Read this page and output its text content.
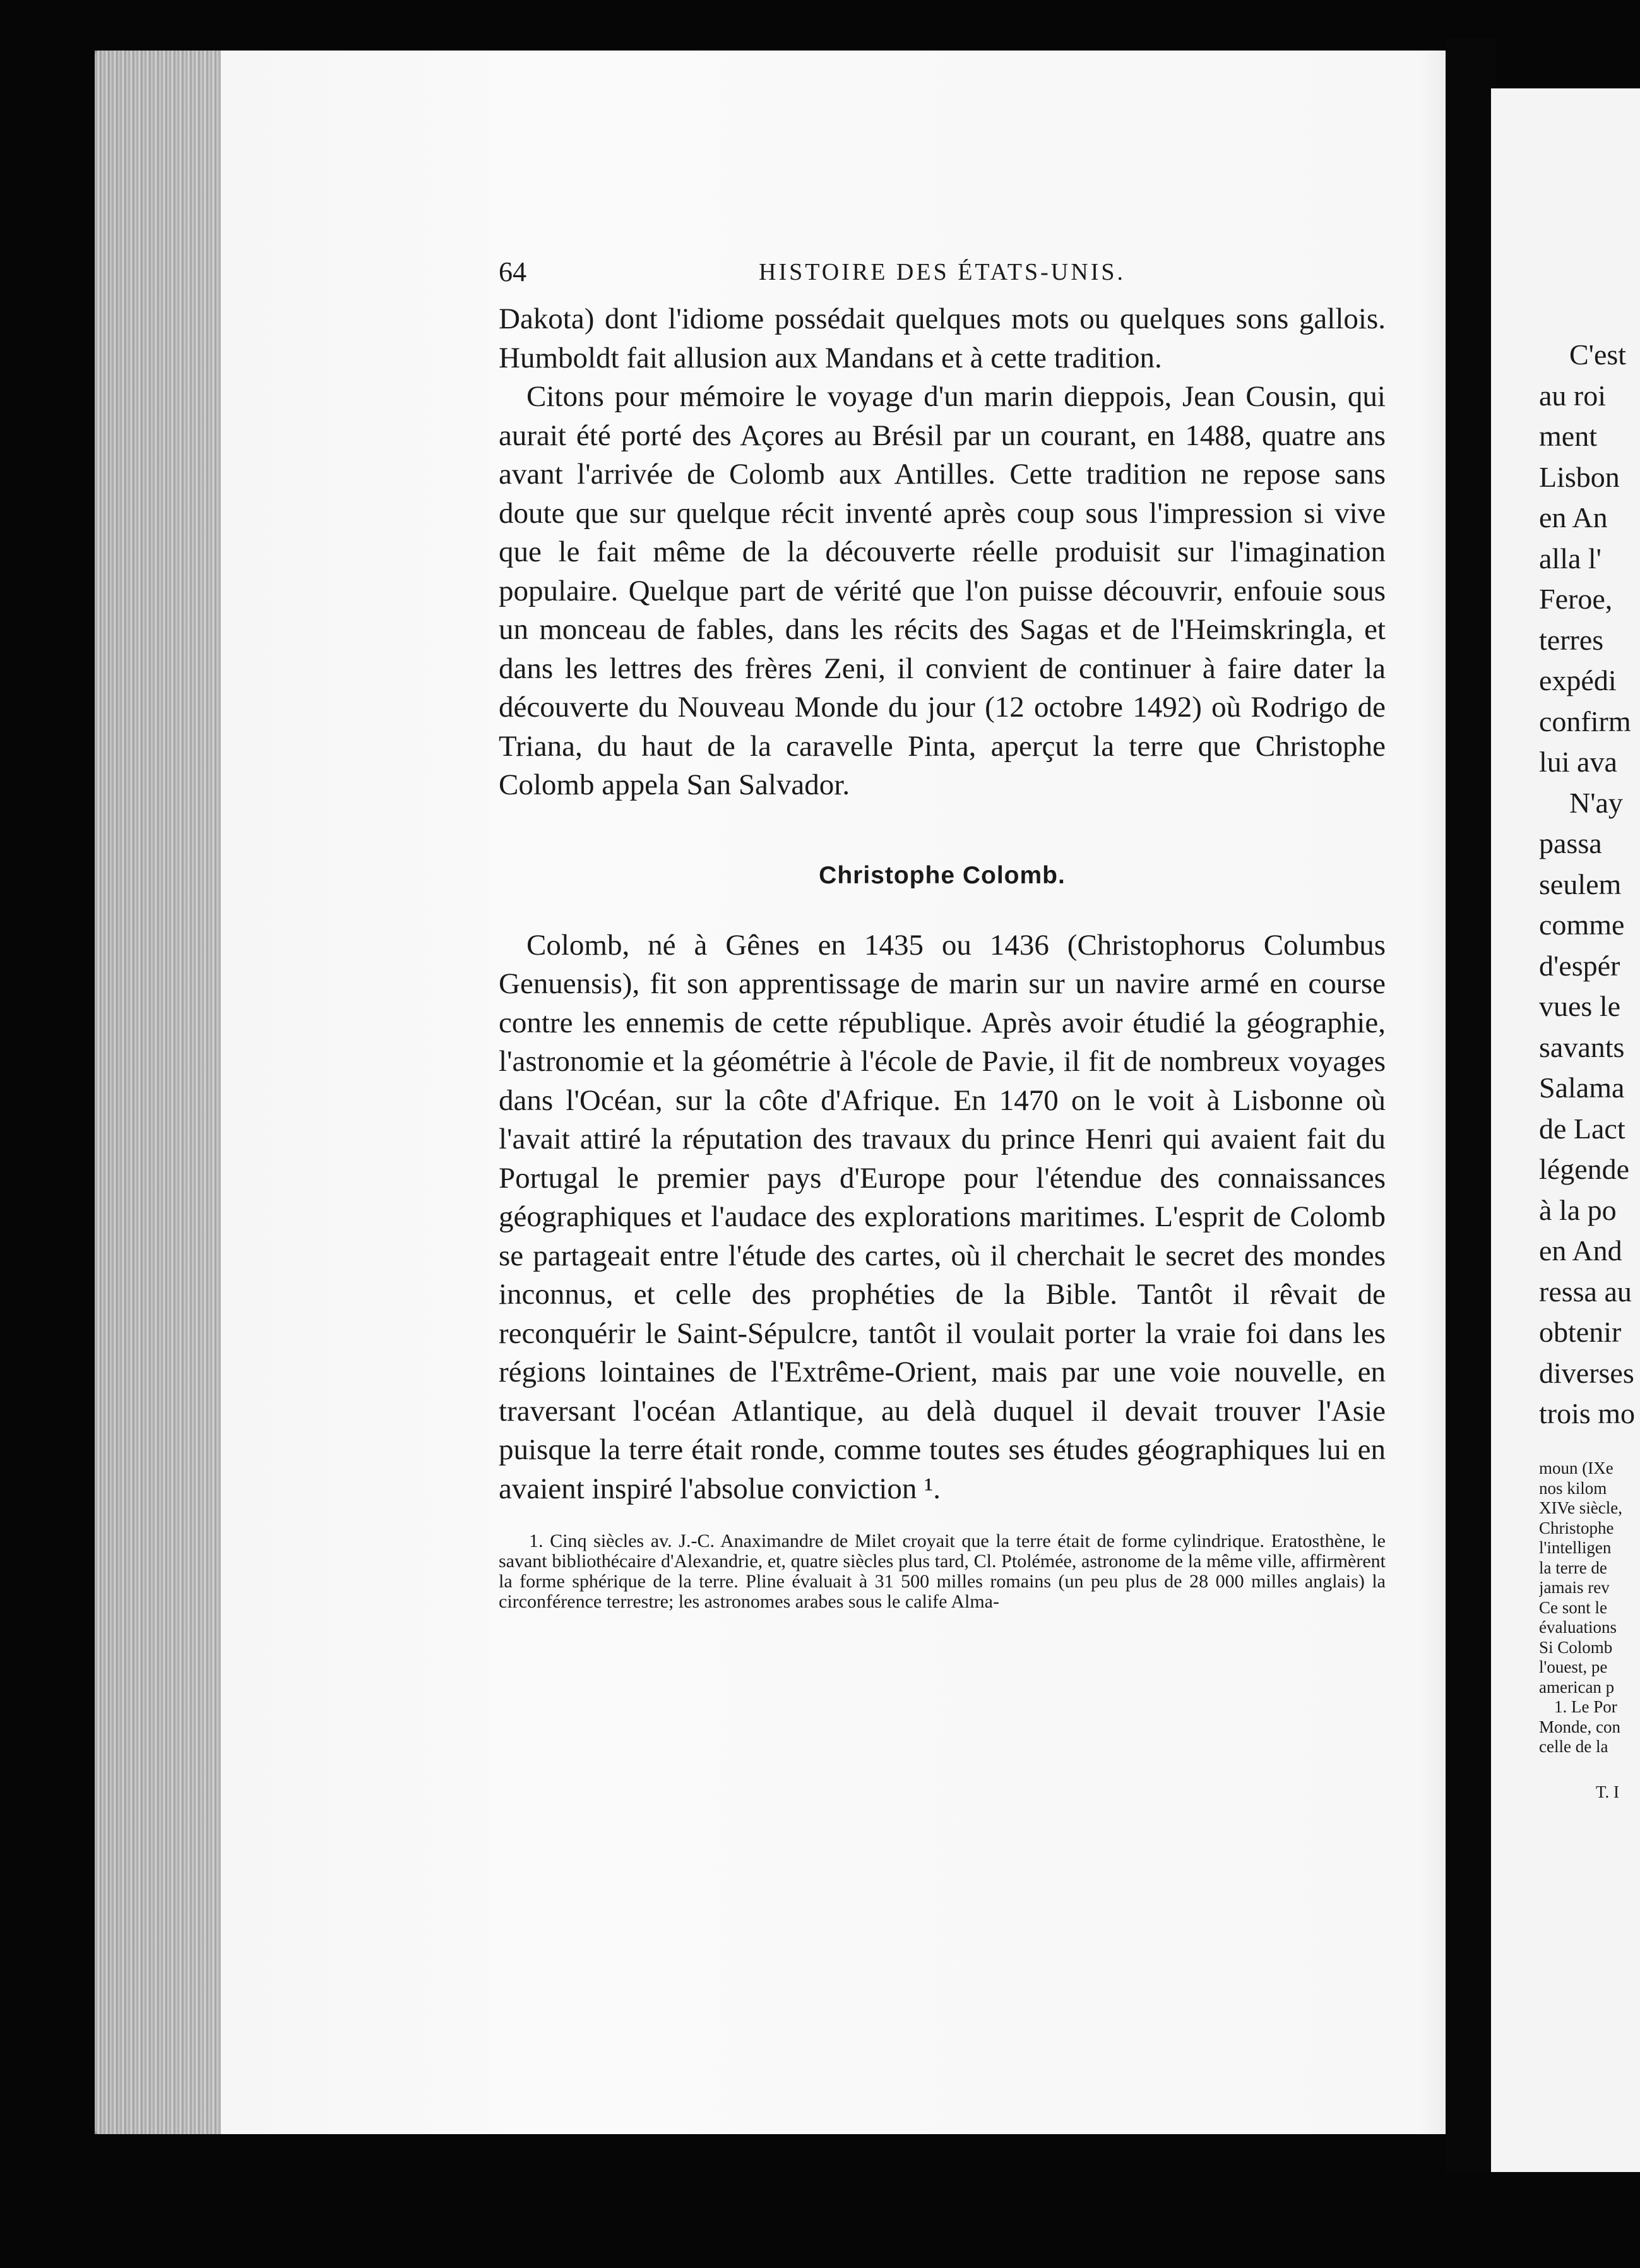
64	HISTOIRE DES ÉTATS-UNIS.

Dakota) dont l'idiome possédait quelques mots ou quelques sons gallois. Humboldt fait allusion aux Mandans et à cette tradition.

Citons pour mémoire le voyage d'un marin dieppois, Jean Cousin, qui aurait été porté des Açores au Brésil par un courant, en 1488, quatre ans avant l'arrivée de Colomb aux Antilles. Cette tradition ne repose sans doute que sur quelque récit inventé après coup sous l'impression si vive que le fait même de la découverte réelle produisit sur l'imagination populaire. Quelque part de vérité que l'on puisse découvrir, enfouie sous un monceau de fables, dans les récits des Sagas et de l'Heimskringla, et dans les lettres des frères Zeni, il convient de continuer à faire dater la découverte du Nouveau Monde du jour (12 octobre 1492) où Rodrigo de Triana, du haut de la caravelle Pinta, aperçut la terre que Christophe Colomb appela San Salvador.

Christophe Colomb.

Colomb, né à Gênes en 1435 ou 1436 (Christophorus Columbus Genuensis), fit son apprentissage de marin sur un navire armé en course contre les ennemis de cette république. Après avoir étudié la géographie, l'astronomie et la géométrie à l'école de Pavie, il fit de nombreux voyages dans l'Océan, sur la côte d'Afrique. En 1470 on le voit à Lisbonne où l'avait attiré la réputation des travaux du prince Henri qui avaient fait du Portugal le premier pays d'Europe pour l'étendue des connaissances géographiques et l'audace des explorations maritimes. L'esprit de Colomb se partageait entre l'étude des cartes, où il cherchait le secret des mondes inconnus, et celle des prophéties de la Bible. Tantôt il rêvait de reconquérir le Saint-Sépulcre, tantôt il voulait porter la vraie foi dans les régions lointaines de l'Extrême-Orient, mais par une voie nouvelle, en traversant l'océan Atlantique, au delà duquel il devait trouver l'Asie puisque la terre était ronde, comme toutes ses études géographiques lui en avaient inspiré l'absolue conviction ¹.

1. Cinq siècles av. J.-C. Anaximandre de Milet croyait que la terre était de forme cylindrique. Eratosthène, le savant bibliothécaire d'Alexandrie, et, quatre siècles plus tard, Cl. Ptolémée, astronome de la même ville, affirmèrent la forme sphérique de la terre. Pline évaluait à 31 500 milles romains (un peu plus de 28 000 milles anglais) la circonférence terrestre; les astronomes arabes sous le calife Alma-

C'est
au roi
ment
Lisbon
en An
alla l'
Feroe,
terres
expédi
confirm
lui ava
N'ay
passa
seulem
comme
d'espér
vues le
savants
Salama
de Lact
légende
à la po
en And
ressa au
obtenir
diverses
trois mo
moun (IXe
nos kilom
XIVe siècle,
Christophe
l'intelligen
la terre de
jamais rev
Ce sont le
évaluations
Si Colomb
l'ouest, pe
american p
1. Le Por
Monde, con
celle de la
T. I
